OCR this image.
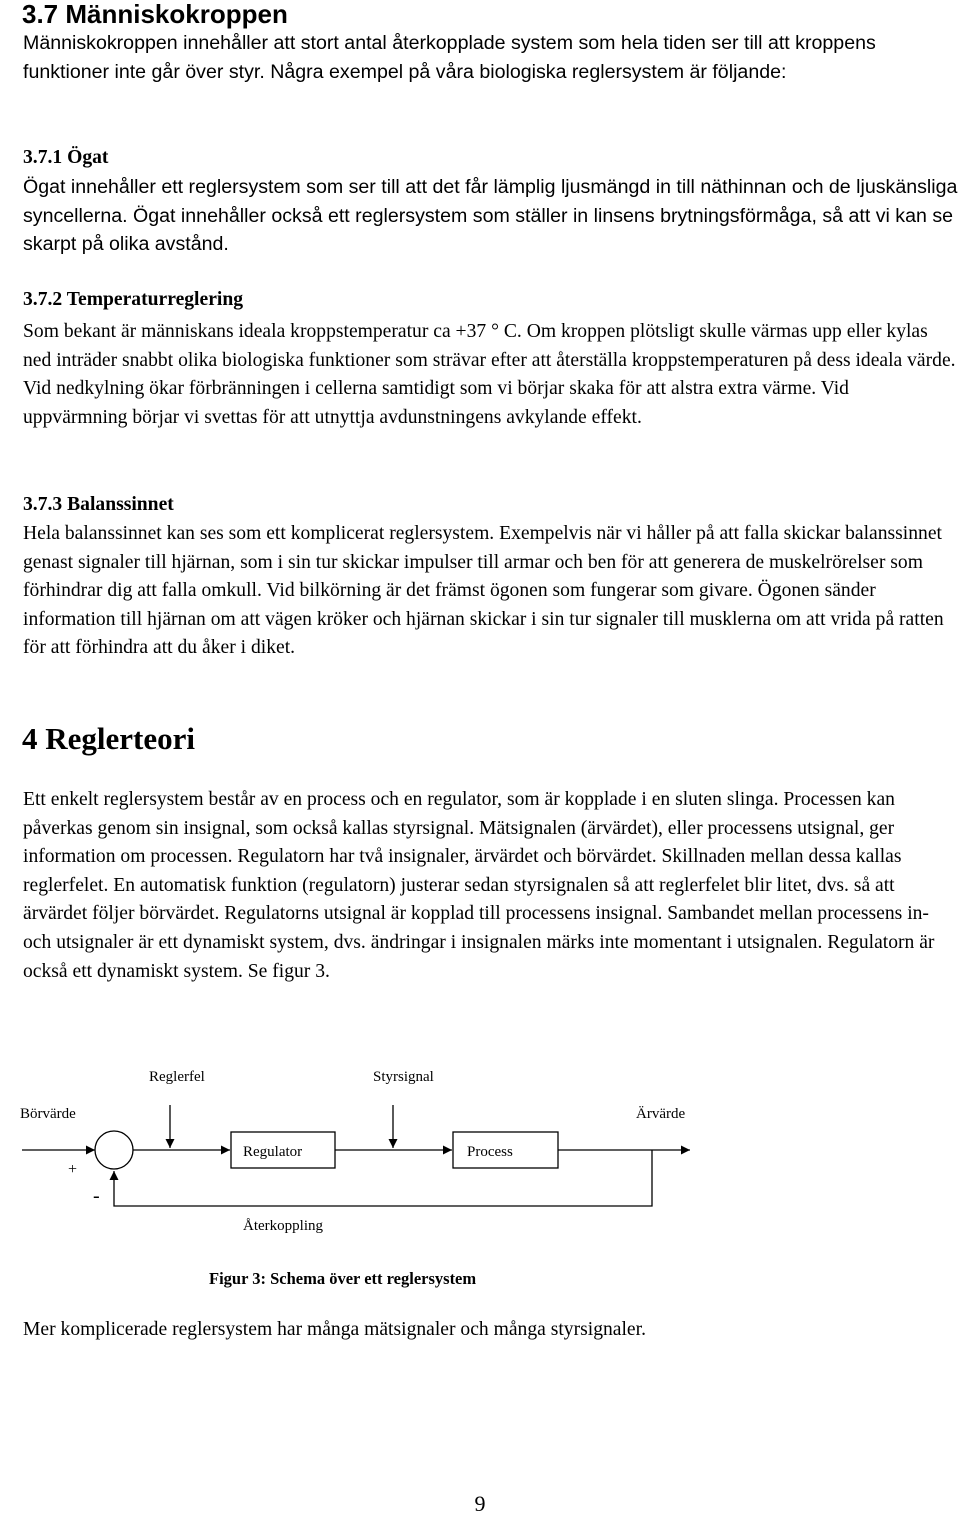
3.7 Människokroppen

Människokroppen innehåller att stort antal återkopplade system som hela tiden ser till att kroppens funktioner inte går över styr. Några exempel på våra biologiska reglersystem är följande:

3.7.1 Ögat

Ögat innehåller ett reglersystem som ser till att det får lämplig ljusmängd in till näthinnan och de ljuskänsliga syncellerna. Ögat innehåller också ett reglersystem som ställer in linsens brytningsförmåga, så att vi kan se skarpt på olika avstånd.

3.7.2 Temperaturreglering

Som bekant är människans ideala kroppstemperatur ca +37 ° C. Om kroppen plötsligt skulle värmas upp eller kylas ned inträder snabbt olika biologiska funktioner som strävar efter att återställa kroppstemperaturen på dess ideala värde. Vid nedkylning ökar förbränningen i cellerna samtidigt som vi börjar skaka för att alstra extra värme. Vid uppvärmning börjar vi svettas för att utnyttja avdunstningens avkylande effekt.

3.7.3 Balanssinnet

Hela balanssinnet kan ses som ett komplicerat reglersystem. Exempelvis när vi håller på att falla skickar balanssinnet genast signaler till hjärnan, som i sin tur skickar impulser till armar och ben för att generera de muskelrörelser som förhindrar dig att falla omkull. Vid bilkörning är det främst ögonen som fungerar som givare. Ögonen sänder information till hjärnan om att vägen kröker och hjärnan skickar i sin tur signaler till musklerna om att vrida på ratten för att förhindra att du åker i diket.

4 Reglerteori

Ett enkelt reglersystem består av en process och en regulator, som är kopplade i en sluten slinga. Processen kan påverkas genom sin insignal, som också kallas styrsignal. Mätsignalen (ärvärdet), eller processens utsignal, ger information om processen. Regulatorn har två insignaler, ärvärdet och börvärdet. Skillnaden mellan dessa kallas reglerfelet. En automatisk funktion (regulatorn) justerar sedan styrsignalen så att reglerfelet blir litet, dvs. så att ärvärdet följer börvärdet. Regulatorns utsignal är kopplad till processens insignal. Sambandet mellan processens in- och utsignaler är ett dynamiskt system, dvs. ändringar i insignalen märks inte momentant i utsignalen. Regulatorn är också ett dynamiskt system. Se figur 3.

Reglerfel	Styrsignal
Börvärde	Ärvärde
+
-
Regulator	Process
Återkoppling

Figur 3: Schema över ett reglersystem

Mer komplicerade reglersystem har många mätsignaler och många styrsignaler.

9
